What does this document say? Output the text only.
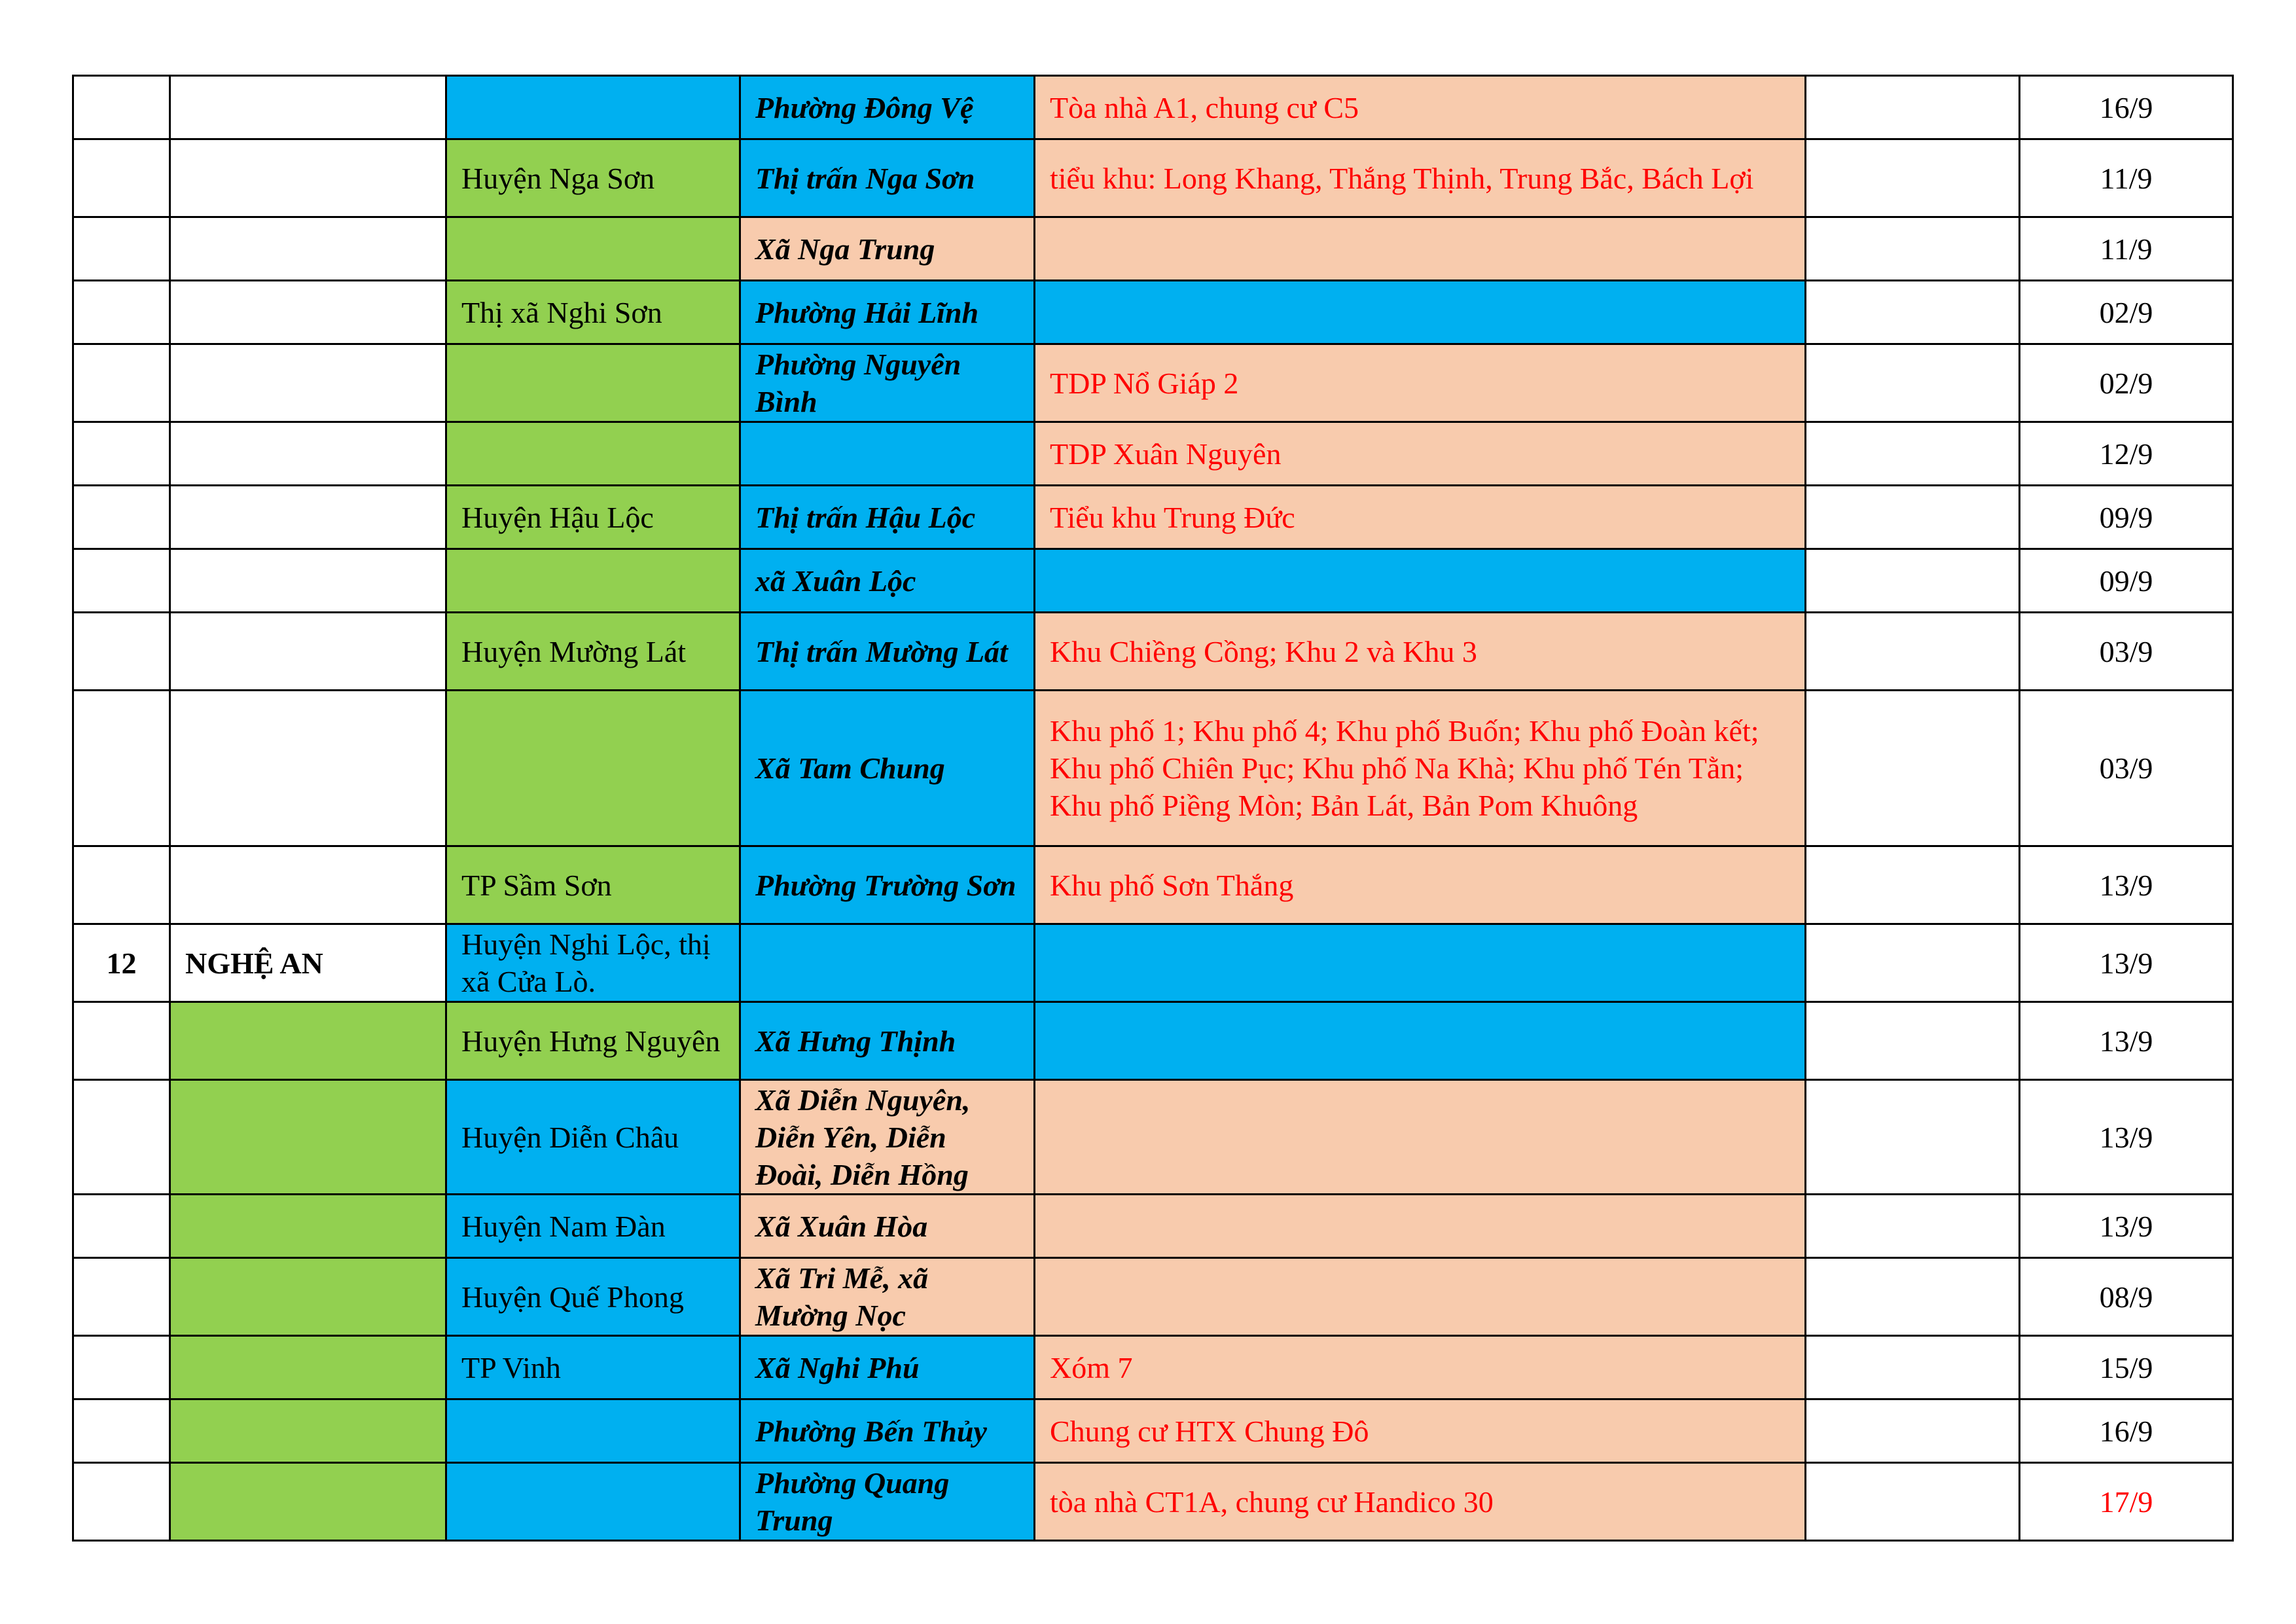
			Phường Đông Vệ	Tòa nhà A1, chung cư C5		16/9
		Huyện Nga Sơn	Thị trấn Nga Sơn	tiểu khu: Long Khang, Thắng Thịnh, Trung Bắc, Bách Lợi		11/9
			Xã Nga Trung			11/9
		Thị xã Nghi Sơn	Phường Hải Lĩnh			02/9
			Phường Nguyên Bình	TDP Nổ Giáp 2		02/9
				TDP Xuân Nguyên		12/9
		Huyện Hậu Lộc	Thị trấn Hậu Lộc	Tiểu khu Trung Đức		09/9
			xã Xuân Lộc			09/9
		Huyện Mường Lát	Thị trấn Mường Lát	Khu Chiềng Cồng; Khu 2 và Khu 3		03/9
			Xã Tam Chung	Khu phố 1; Khu phố 4; Khu phố Buốn; Khu phố Đoàn kết; Khu phố Chiên Pục; Khu phố Na Khà; Khu phố Tén Tằn; Khu phố Piềng Mòn; Bản Lát, Bản Pom Khuông		03/9
		TP Sầm Sơn	Phường Trường Sơn	Khu phố Sơn Thắng		13/9
12	NGHỆ AN	Huyện Nghi Lộc, thị xã Cửa Lò.				13/9
		Huyện Hưng Nguyên	Xã Hưng Thịnh			13/9
		Huyện Diễn Châu	Xã Diễn Nguyên, Diễn Yên, Diễn Đoài, Diễn Hồng			13/9
		Huyện Nam Đàn	Xã Xuân Hòa			13/9
		Huyện Quế Phong	Xã Tri Mễ, xã Mường Nọc			08/9
		TP Vinh	Xã Nghi Phú	Xóm 7		15/9
			Phường Bến Thủy	Chung cư HTX Chung Đô		16/9
			Phường Quang Trung	tòa nhà CT1A, chung cư Handico 30		17/9
